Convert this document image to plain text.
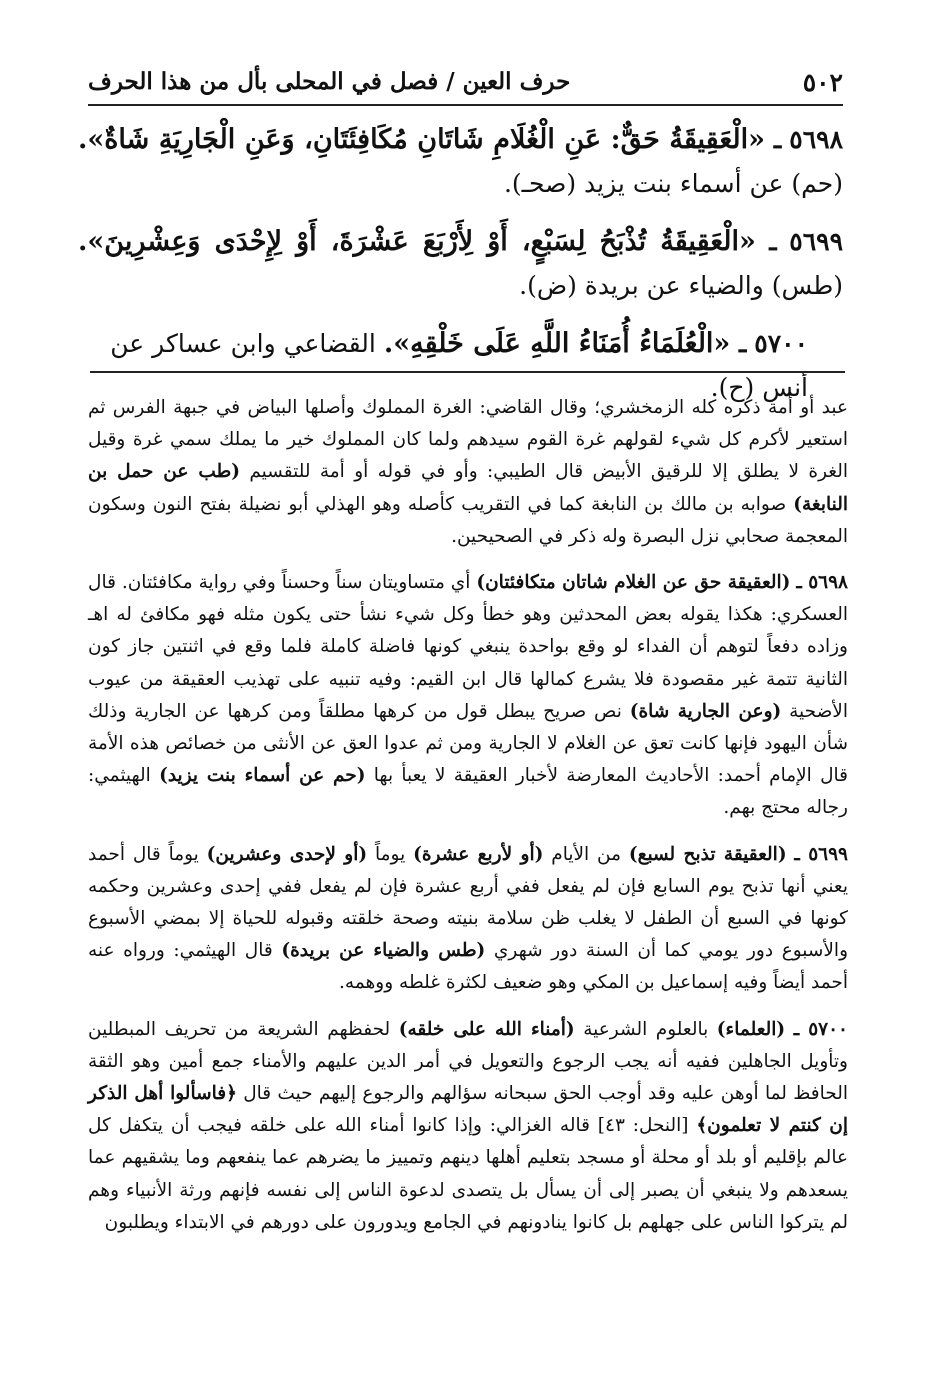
٥٠٢
حرف العين / فصل في المحلى بأل من هذا الحرف
٥٦٩٨ ـ «الْعَقِيقَةُ حَقٌّ: عَنِ الْغُلَامِ شَاتَانِ مُكَافِئَتَانِ، وَعَنِ الْجَارِيَةِ شَاةٌ». (حم) عن أسماء بنت يزيد (صحـ).
٥٦٩٩ ـ «الْعَقِيقَةُ تُذْبَحُ لِسَبْعٍ، أَوْ لِأَرْبَعَ عَشْرَةَ، أَوْ لِإِحْدَى وَعِشْرِينَ». (طس) والضياء عن بريدة (ض).
٥٧٠٠ ـ «الْعُلَمَاءُ أُمَنَاءُ اللَّهِ عَلَى خَلْقِهِ». القضاعي وابن عساكر عن أنس (ح).

عبد أو أمة ذكره كله الزمخشري؛ وقال القاضي: الغرة المملوك وأصلها البياض في جبهة الفرس ثم استعير لأكرم كل شيء لقولهم غرة القوم سيدهم ولما كان المملوك خير ما يملك سمي غرة وقيل الغرة لا يطلق إلا للرقيق الأبيض قال الطيبي: وأو في قوله أو أمة للتقسيم (طب عن حمل بن النابغة) صوابه بن مالك بن النابغة كما في التقريب كأصله وهو الهذلي أبو نضيلة بفتح النون وسكون المعجمة صحابي نزل البصرة وله ذكر في الصحيحين.

٥٦٩٨ ـ (العقيقة حق عن الغلام شاتان متكافئتان) أي متساويتان سناً وحسناً وفي رواية مكافئتان. قال العسكري: هكذا يقوله بعض المحدثين وهو خطأ وكل شيء نشأ حتى يكون مثله فهو مكافئ له اهـ وزاده دفعاً لتوهم أن الفداء لو وقع بواحدة ينبغي كونها فاضلة كاملة فلما وقع في اثنتين جاز كون الثانية تتمة غير مقصودة فلا يشرع كمالها قال ابن القيم: وفيه تنبيه على تهذيب العقيقة من عيوب الأضحية (وعن الجارية شاة) نص صريح يبطل قول من كرهها مطلقاً ومن كرهها عن الجارية وذلك شأن اليهود فإنها كانت تعق عن الغلام لا الجارية ومن ثم عدوا العق عن الأنثى من خصائص هذه الأمة قال الإمام أحمد: الأحاديث المعارضة لأخبار العقيقة لا يعبأ بها (حم عن أسماء بنت يزيد) الهيثمي: رجاله محتج بهم.

٥٦٩٩ ـ (العقيقة تذبح لسبع) من الأيام (أو لأربع عشرة) يوماً (أو لإحدى وعشرين) يوماً قال أحمد يعني أنها تذبح يوم السابع فإن لم يفعل ففي أربع عشرة فإن لم يفعل ففي إحدى وعشرين وحكمه كونها في السبع أن الطفل لا يغلب ظن سلامة بنيته وصحة خلقته وقبوله للحياة إلا بمضي الأسبوع والأسبوع دور يومي كما أن السنة دور شهري (طس والضياء عن بريدة) قال الهيثمي: ورواه عنه أحمد أيضاً وفيه إسماعيل بن المكي وهو ضعيف لكثرة غلطه ووهمه.

٥٧٠٠ ـ (العلماء) بالعلوم الشرعية (أمناء الله على خلقه) لحفظهم الشريعة من تحريف المبطلين وتأويل الجاهلين ففيه أنه يجب الرجوع والتعويل في أمر الدين عليهم والأمناء جمع أمين وهو الثقة الحافظ لما أوهن عليه وقد أوجب الحق سبحانه سؤالهم والرجوع إليهم حيث قال ﴿فاسألوا أهل الذكر إن كنتم لا تعلمون﴾ [النحل: ٤٣] قاله الغزالي: وإذا كانوا أمناء الله على خلقه فيجب أن يتكفل كل عالم بإقليم أو بلد أو محلة أو مسجد بتعليم أهلها دينهم وتمييز ما يضرهم عما ينفعهم وما يشقيهم عما يسعدهم ولا ينبغي أن يصبر إلى أن يسأل بل يتصدى لدعوة الناس إلى نفسه فإنهم ورثة الأنبياء وهم لم يتركوا الناس على جهلهم بل كانوا ينادونهم في الجامع ويدورون على دورهم في الابتداء ويطلبون
